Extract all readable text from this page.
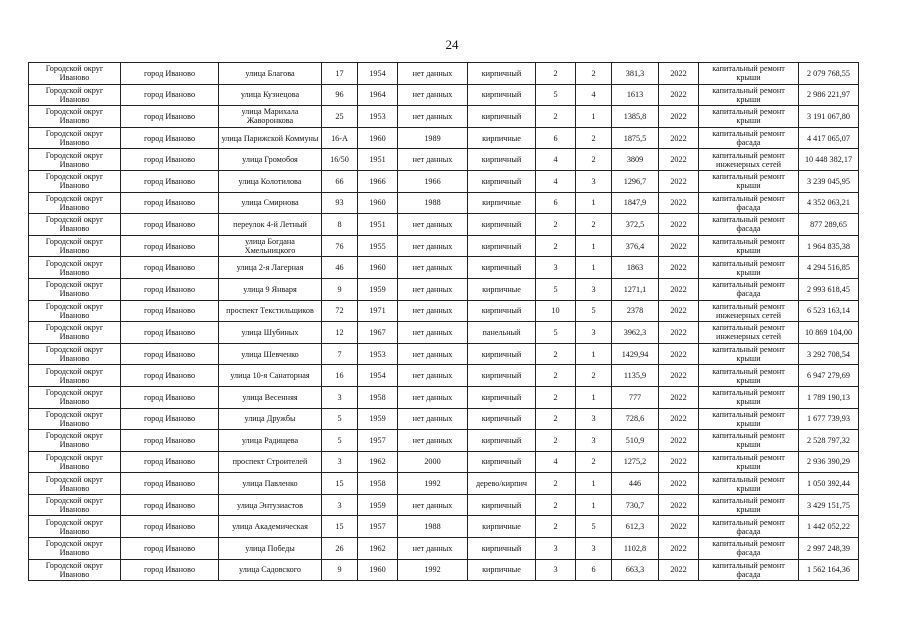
24
Городской округ Иваново	город Иваново	улица Благова	17	1954	нет данных	кирпичный	2	2	381,3	2022	капитальный ремонт крыши	2 079 768,55
Городской округ Иваново	город Иваново	улица Кузнецова	96	1964	нет данных	кирпичный	5	4	1613	2022	капитальный ремонт крыши	2 986 221,97
Городской округ Иваново	город Иваново	улица Марихала Жаворонкова	25	1953	нет данных	кирпичный	2	1	1385,8	2022	капитальный ремонт крыши	3 191 067,80
Городской округ Иваново	город Иваново	улица Парижской Коммуны	16-А	1960	1989	кирпичные	6	2	1875,5	2022	капитальный ремонт фасада	4 417 065,07
Городской округ Иваново	город Иваново	улица Громобоя	16/50	1951	нет данных	кирпичный	4	2	3809	2022	капитальный ремонт инженерных сетей	10 448 382,17
Городской округ Иваново	город Иваново	улица Колотилова	66	1966	1966	кирпичный	4	3	1296,7	2022	капитальный ремонт крыши	3 239 045,95
Городской округ Иваново	город Иваново	улица Смирнова	93	1960	1988	кирпичные	6	1	1847,9	2022	капитальный ремонт фасада	4 352 063,21
Городской округ Иваново	город Иваново	переулок 4-й Летный	8	1951	нет данных	кирпичный	2	2	372,5	2022	капитальный ремонт фасада	877 289,65
Городской округ Иваново	город Иваново	улица Богдана Хмельницкого	76	1955	нет данных	кирпичный	2	1	376,4	2022	капитальный ремонт крыши	1 964 835,38
Городской округ Иваново	город Иваново	улица 2-я Лагерная	46	1960	нет данных	кирпичный	3	1	1863	2022	капитальный ремонт крыши	4 294 516,85
Городской округ Иваново	город Иваново	улица 9 Января	9	1959	нет данных	кирпичные	5	3	1271,1	2022	капитальный ремонт фасада	2 993 618,45
Городской округ Иваново	город Иваново	проспект Текстильщиков	72	1971	нет данных	кирпичный	10	5	2378	2022	капитальный ремонт инженерных сетей	6 523 163,14
Городской округ Иваново	город Иваново	улица Шубиных	12	1967	нет данных	панельный	5	3	3962,3	2022	капитальный ремонт инженерных сетей	10 869 104,00
Городской округ Иваново	город Иваново	улица Шевченко	7	1953	нет данных	кирпичный	2	1	1429,94	2022	капитальный ремонт крыши	3 292 708,54
Городской округ Иваново	город Иваново	улица 10-я Санаторная	16	1954	нет данных	кирпичный	2	2	1135,9	2022	капитальный ремонт крыши	6 947 279,69
Городской округ Иваново	город Иваново	улица Весенняя	3	1958	нет данных	кирпичный	2	1	777	2022	капитальный ремонт крыши	1 789 190,13
Городской округ Иваново	город Иваново	улица Дружбы	5	1959	нет данных	кирпичный	2	3	728,6	2022	капитальный ремонт крыши	1 677 739,93
Городской округ Иваново	город Иваново	улица Радищева	5	1957	нет данных	кирпичный	2	3	510,9	2022	капитальный ремонт крыши	2 528 797,32
Городской округ Иваново	город Иваново	проспект Строителей	3	1962	2000	кирпичный	4	2	1275,2	2022	капитальный ремонт крыши	2 936 390,29
Городской округ Иваново	город Иваново	улица Павленко	15	1958	1992	дерево/кирпич	2	1	446	2022	капитальный ремонт крыши	1 050 392,44
Городской округ Иваново	город Иваново	улица Энтузиастов	3	1959	нет данных	кирпичный	2	1	730,7	2022	капитальный ремонт крыши	3 429 151,75
Городской округ Иваново	город Иваново	улица Академическая	15	1957	1988	кирпичные	2	5	612,3	2022	капитальный ремонт фасада	1 442 052,22
Городской округ Иваново	город Иваново	улица Победы	26	1962	нет данных	кирпичный	3	3	1102,8	2022	капитальный ремонт фасада	2 997 248,39
Городской округ Иваново	город Иваново	улица Садовского	9	1960	1992	кирпичные	3	6	663,3	2022	капитальный ремонт фасада	1 562 164,36
